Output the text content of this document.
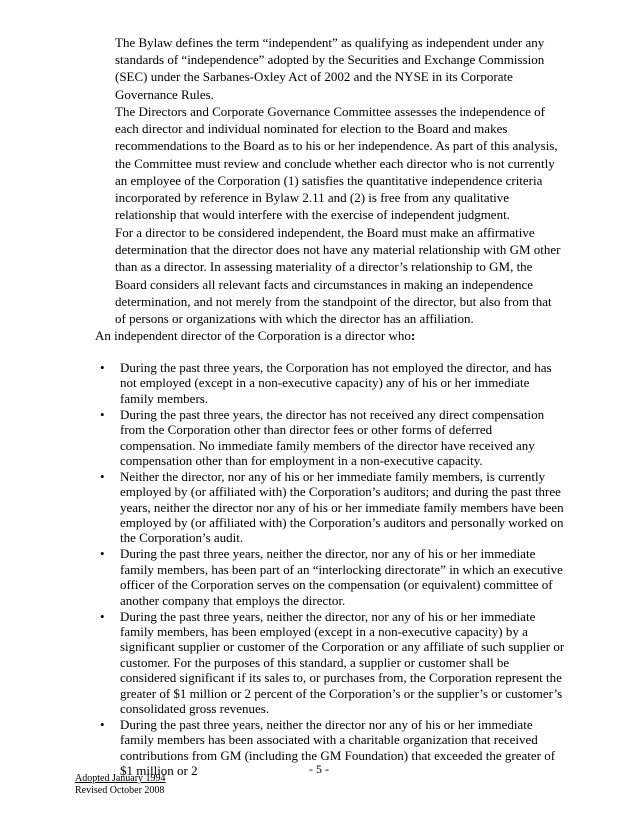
The Bylaw defines the term “independent” as qualifying as independent under any standards of “independence” adopted by the Securities and Exchange Commission (SEC) under the Sarbanes-Oxley Act of 2002 and the NYSE in its Corporate Governance Rules.

The Directors and Corporate Governance Committee assesses the independence of each director and individual nominated for election to the Board and makes recommendations to the Board as to his or her independence. As part of this analysis, the Committee must review and conclude whether each director who is not currently an employee of the Corporation (1) satisfies the quantitative independence criteria incorporated by reference in Bylaw 2.11 and (2) is free from any qualitative relationship that would interfere with the exercise of independent judgment.

For a director to be considered independent, the Board must make an affirmative determination that the director does not have any material relationship with GM other than as a director. In assessing materiality of a director’s relationship to GM, the Board considers all relevant facts and circumstances in making an independence determination, and not merely from the standpoint of the director, but also from that of persons or organizations with which the director has an affiliation.

An independent director of the Corporation is a director who:

• During the past three years, the Corporation has not employed the director, and has not employed (except in a non-executive capacity) any of his or her immediate family members.
• During the past three years, the director has not received any direct compensation from the Corporation other than director fees or other forms of deferred compensation. No immediate family members of the director have received any compensation other than for employment in a non-executive capacity.
• Neither the director, nor any of his or her immediate family members, is currently employed by (or affiliated with) the Corporation’s auditors; and during the past three years, neither the director nor any of his or her immediate family members have been employed by (or affiliated with) the Corporation’s auditors and personally worked on the Corporation’s audit.
• During the past three years, neither the director, nor any of his or her immediate family members, has been part of an “interlocking directorate” in which an executive officer of the Corporation serves on the compensation (or equivalent) committee of another company that employs the director.
• During the past three years, neither the director, nor any of his or her immediate family members, has been employed (except in a non-executive capacity) by a significant supplier or customer of the Corporation or any affiliate of such supplier or customer. For the purposes of this standard, a supplier or customer shall be considered significant if its sales to, or purchases from, the Corporation represent the greater of $1 million or 2 percent of the Corporation’s or the supplier’s or customer’s consolidated gross revenues.
• During the past three years, neither the director nor any of his or her immediate family members has been associated with a charitable organization that received contributions from GM (including the GM Foundation) that exceeded the greater of $1 million or 2	- 5 -
Adopted January 1994
Revised October 2008
